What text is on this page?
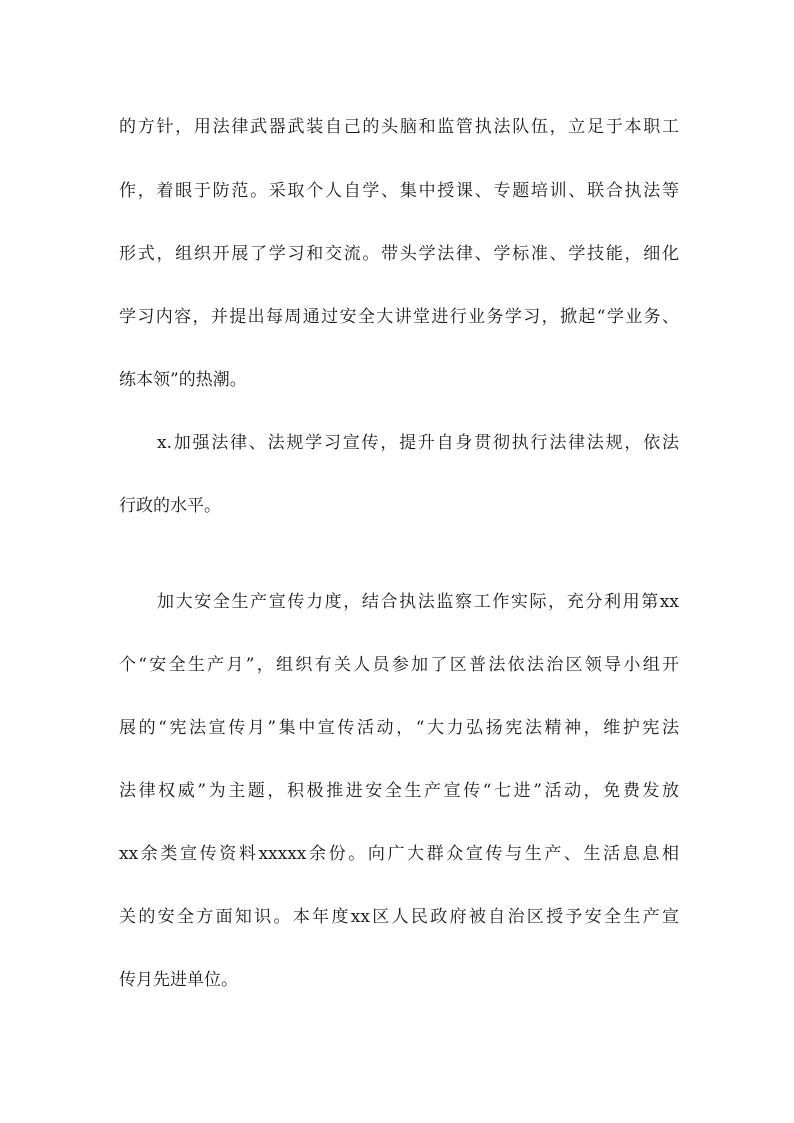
的方针，用法律武器武装自己的头脑和监管执法队伍，立足于本职工
作，着眼于防范。采取个人自学、集中授课、专题培训、联合执法等
形式，组织开展了学习和交流。带头学法律、学标准、学技能，细化
学习内容，并提出每周通过安全大讲堂进行业务学习，掀起“学业务、
练本领”的热潮。
x.加强法律、法规学习宣传，提升自身贯彻执行法律法规，依法
行政的水平。
加大安全生产宣传力度，结合执法监察工作实际，充分利用第xx
个“安全生产月”，组织有关人员参加了区普法依法治区领导小组开
展的“宪法宣传月”集中宣传活动，“大力弘扬宪法精神，维护宪法
法律权威”为主题，积极推进安全生产宣传“七进”活动，免费发放
xx余类宣传资料xxxxx余份。向广大群众宣传与生产、生活息息相
关的安全方面知识。本年度xx区人民政府被自治区授予安全生产宣
传月先进单位。
